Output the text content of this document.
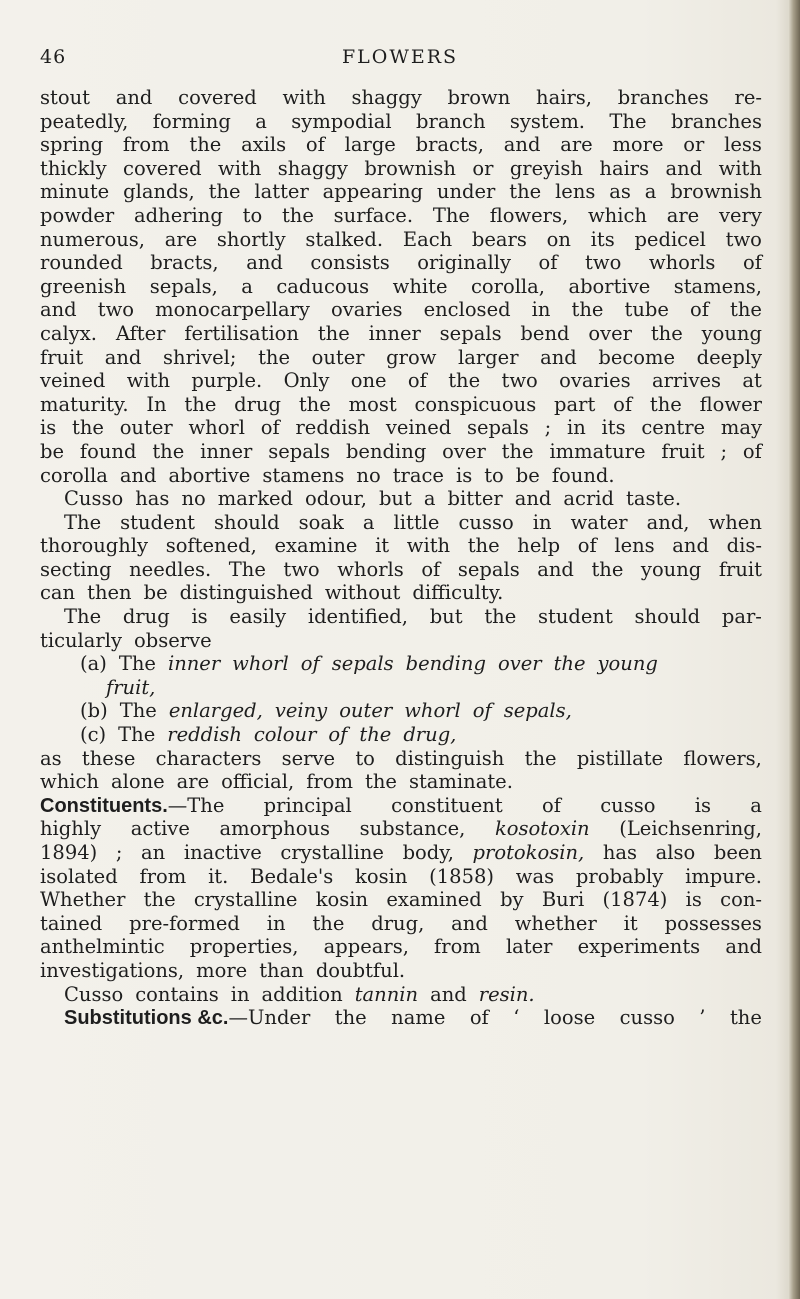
46	FLOWERS
stout and covered with shaggy brown hairs, branches re-
peatedly, forming a sympodial branch system. The branches
spring from the axils of large bracts, and are more or less
thickly covered with shaggy brownish or greyish hairs and with
minute glands, the latter appearing under the lens as a brownish
powder adhering to the surface. The flowers, which are very
numerous, are shortly stalked. Each bears on its pedicel two
rounded bracts, and consists originally of two whorls of
greenish sepals, a caducous white corolla, abortive stamens,
and two monocarpellary ovaries enclosed in the tube of the
calyx. After fertilisation the inner sepals bend over the young
fruit and shrivel; the outer grow larger and become deeply
veined with purple. Only one of the two ovaries arrives at
maturity. In the drug the most conspicuous part of the flower
is the outer whorl of reddish veined sepals ; in its centre may
be found the inner sepals bending over the immature fruit ; of
corolla and abortive stamens no trace is to be found.
Cusso has no marked odour, but a bitter and acrid taste.
The student should soak a little cusso in water and, when
thoroughly softened, examine it with the help of lens and dis-
secting needles. The two whorls of sepals and the young fruit
can then be distinguished without difficulty.
The drug is easily identified, but the student should par-
ticularly observe
(a) The inner whorl of sepals bending over the young
fruit,
(b) The enlarged, veiny outer whorl of sepals,
(c) The reddish colour of the drug,
as these characters serve to distinguish the pistillate flowers,
which alone are official, from the staminate.
Constituents.—The principal constituent of cusso is a
highly active amorphous substance, kosotoxin (Leichsenring,
1894) ; an inactive crystalline body, protokosin, has also been
isolated from it. Bedale's kosin (1858) was probably impure.
Whether the crystalline kosin examined by Buri (1874) is con-
tained pre-formed in the drug, and whether it possesses
anthelmintic properties, appears, from later experiments and
investigations, more than doubtful.
Cusso contains in addition tannin and resin.
Substitutions &c.—Under the name of ‘ loose cusso ’ the
